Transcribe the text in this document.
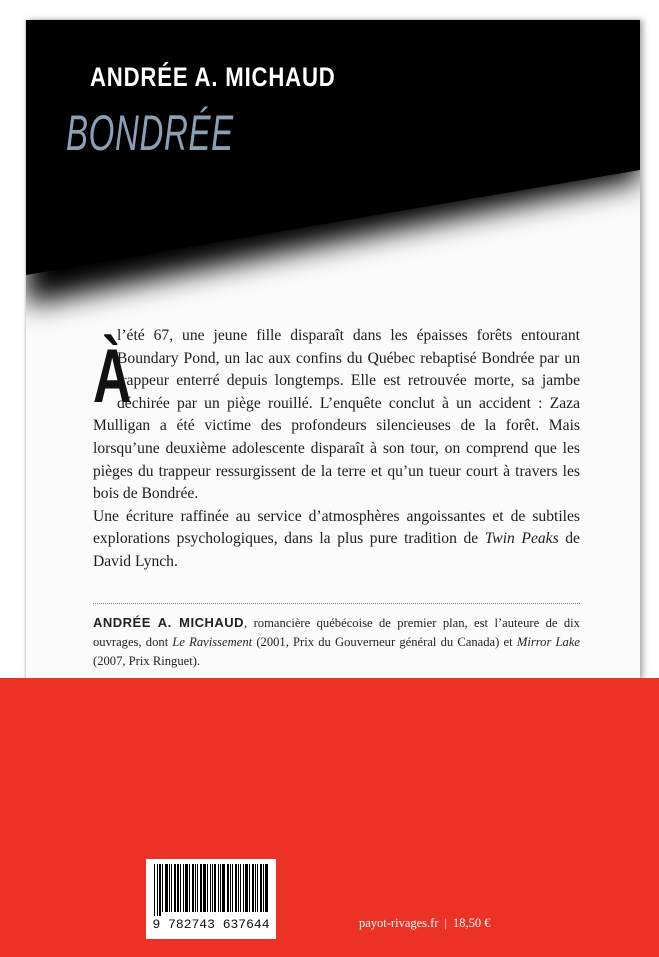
ANDRÉE A. MICHAUD
BONDRÉE

À
l’été 67, une jeune fille disparaît dans les épaisses forêts entourant Boundary Pond, un lac aux confins du Québec rebaptisé Bondrée par un trappeur enterré depuis longtemps. Elle est retrouvée morte, sa jambe déchirée par un piège rouillé. L’enquête conclut à un accident : Zaza Mulligan a été victime des profondeurs silencieuses de la forêt. Mais lorsqu’une deuxième adolescente disparaît à son tour, on comprend que les pièges du trappeur ressurgissent de la terre et qu’un tueur court à travers les bois de Bondrée.

Une écriture raffinée au service d’atmosphères angoissantes et de subtiles explorations psychologiques, dans la plus pure tradition de Twin Peaks de David Lynch.

ANDRÉE A. MICHAUD, romancière québécoise de premier plan, est l’auteure de dix ouvrages, dont Le Ravissement (2001, Prix du Gouverneur général du Canada) et Mirror Lake (2007, Prix Ringuet).
9 782743 637644	payot-rivages.fr | 18,50 €
